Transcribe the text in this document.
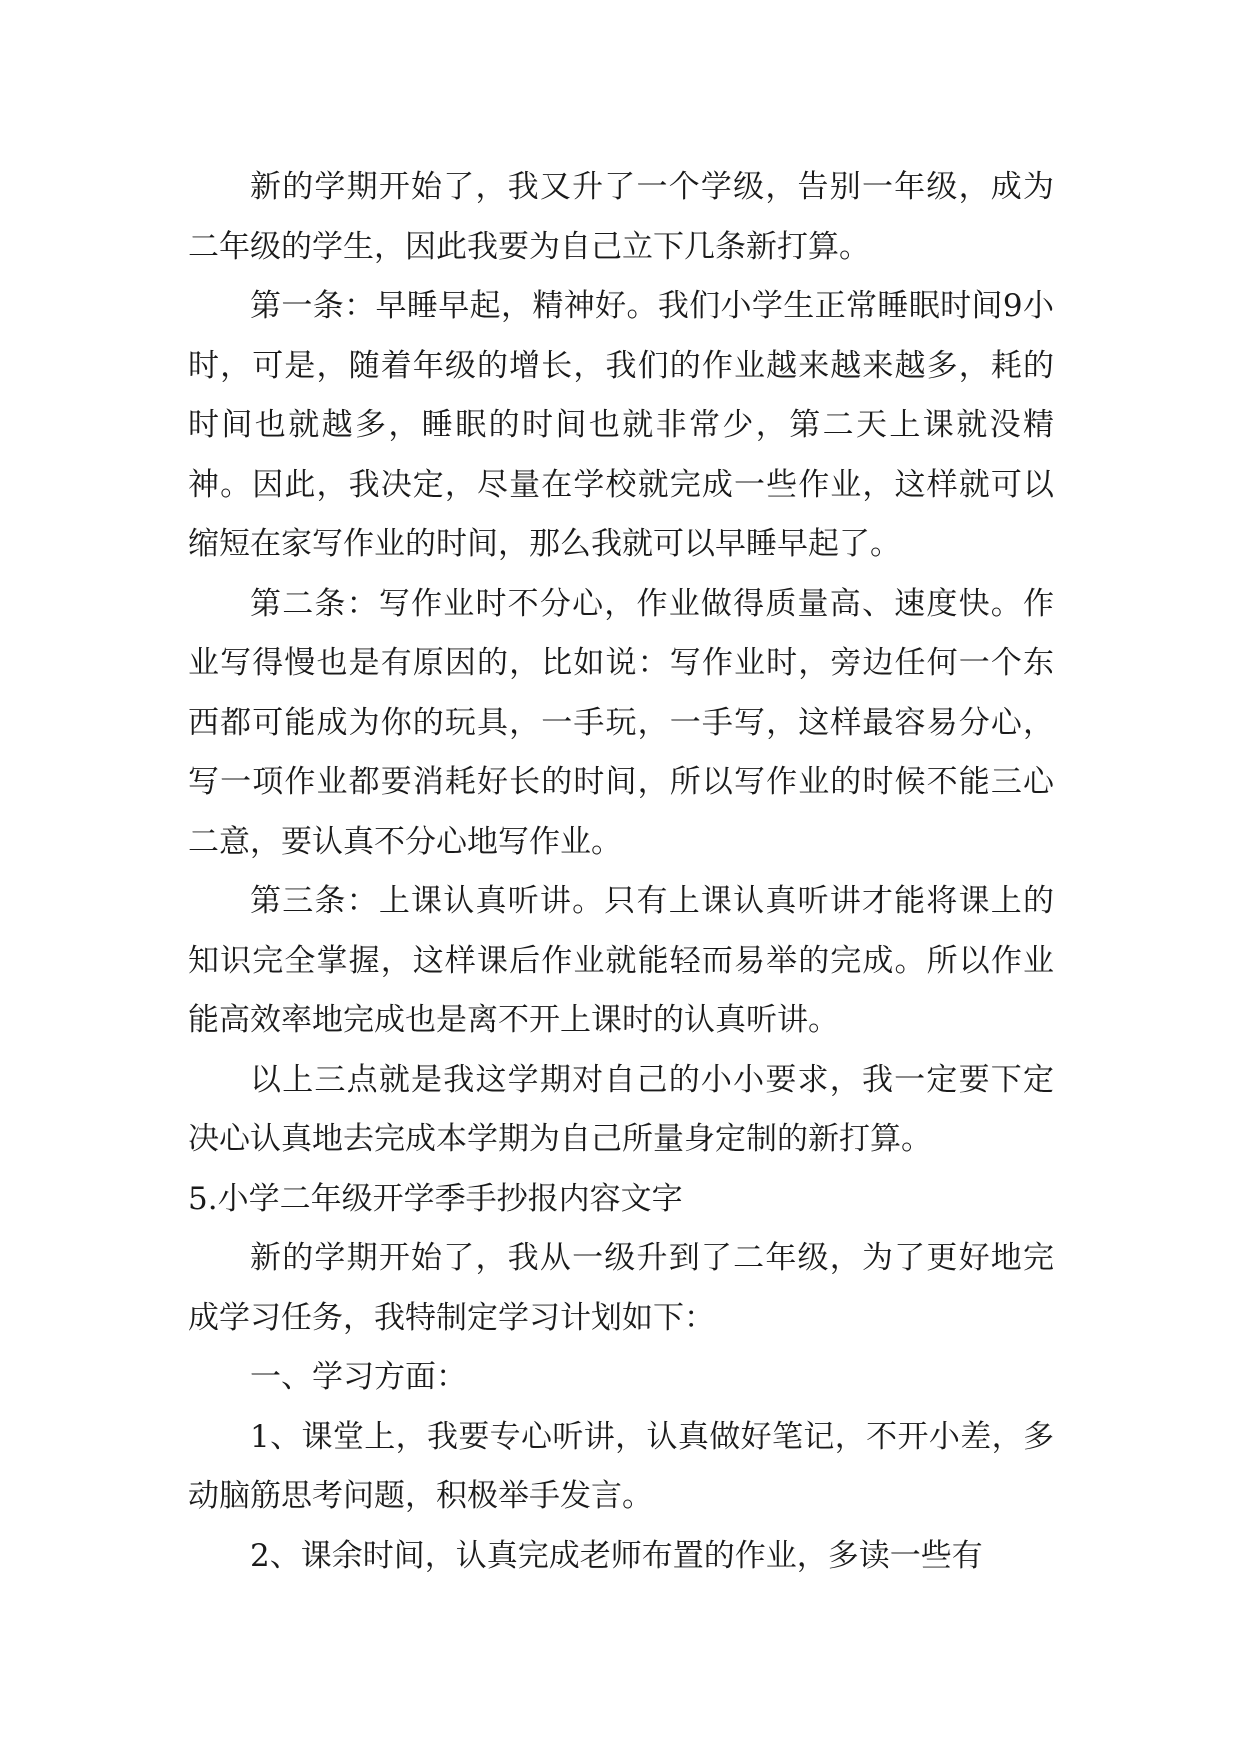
新的学期开始了，我又升了一个学级，告别一年级，成为二年级的学生，因此我要为自己立下几条新打算。

第一条：早睡早起，精神好。我们小学生正常睡眠时间9小时，可是，随着年级的增长，我们的作业越来越来越多，耗的时间也就越多，睡眠的时间也就非常少，第二天上课就没精神。因此，我决定，尽量在学校就完成一些作业，这样就可以缩短在家写作业的时间，那么我就可以早睡早起了。

第二条：写作业时不分心，作业做得质量高、速度快。作业写得慢也是有原因的，比如说：写作业时，旁边任何一个东西都可能成为你的玩具，一手玩，一手写，这样最容易分心，写一项作业都要消耗好长的时间，所以写作业的时候不能三心二意，要认真不分心地写作业。

第三条：上课认真听讲。只有上课认真听讲才能将课上的知识完全掌握，这样课后作业就能轻而易举的完成。所以作业能高效率地完成也是离不开上课时的认真听讲。

以上三点就是我这学期对自己的小小要求，我一定要下定决心认真地去完成本学期为自己所量身定制的新打算。

5.小学二年级开学季手抄报内容文字

新的学期开始了，我从一级升到了二年级，为了更好地完成学习任务，我特制定学习计划如下：

一、学习方面：

1、课堂上，我要专心听讲，认真做好笔记，不开小差，多动脑筋思考问题，积极举手发言。

2、课余时间，认真完成老师布置的作业，多读一些有
